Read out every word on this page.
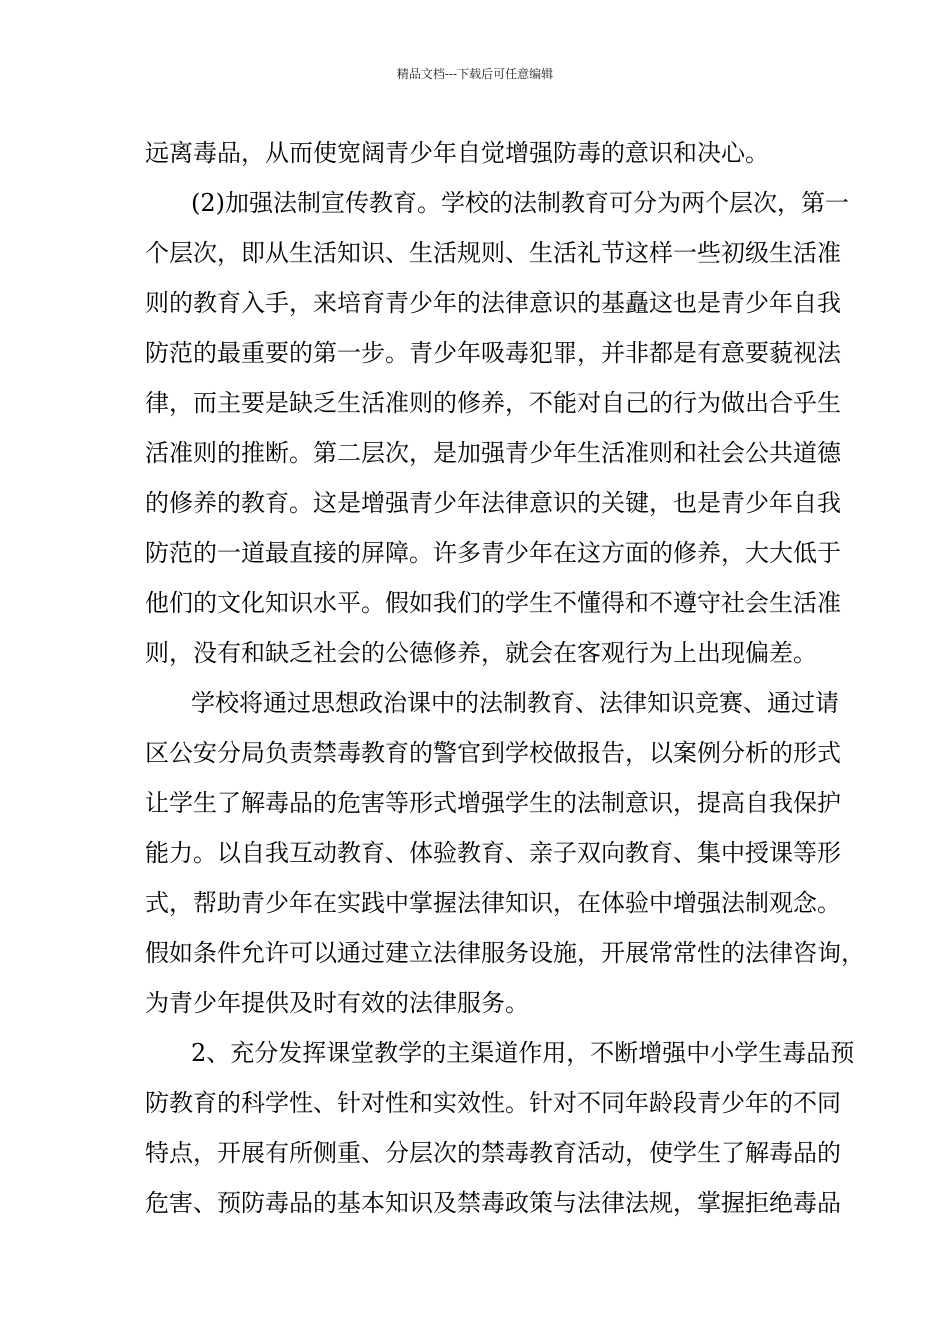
精品文档---下载后可任意编辑
远离毒品，从而使宽阔青少年自觉增强防毒的意识和决心。
(2)加强法制宣传教育。学校的法制教育可分为两个层次，第一
个层次，即从生活知识、生活规则、生活礼节这样一些初级生活准
则的教育入手，来培育青少年的法律意识的基矗这也是青少年自我
防范的最重要的第一步。青少年吸毒犯罪，并非都是有意要藐视法
律，而主要是缺乏生活准则的修养，不能对自己的行为做出合乎生
活准则的推断。第二层次，是加强青少年生活准则和社会公共道德
的修养的教育。这是增强青少年法律意识的关键，也是青少年自我
防范的一道最直接的屏障。许多青少年在这方面的修养，大大低于
他们的文化知识水平。假如我们的学生不懂得和不遵守社会生活准
则，没有和缺乏社会的公德修养，就会在客观行为上出现偏差。
学校将通过思想政治课中的法制教育、法律知识竞赛、通过请
区公安分局负责禁毒教育的警官到学校做报告，以案例分析的形式
让学生了解毒品的危害等形式增强学生的法制意识，提高自我保护
能力。以自我互动教育、体验教育、亲子双向教育、集中授课等形
式，帮助青少年在实践中掌握法律知识，在体验中增强法制观念。
假如条件允许可以通过建立法律服务设施，开展常常性的法律咨询，
为青少年提供及时有效的法律服务。
2、充分发挥课堂教学的主渠道作用，不断增强中小学生毒品预
防教育的科学性、针对性和实效性。针对不同年龄段青少年的不同
特点，开展有所侧重、分层次的禁毒教育活动，使学生了解毒品的
危害、预防毒品的基本知识及禁毒政策与法律法规，掌握拒绝毒品
